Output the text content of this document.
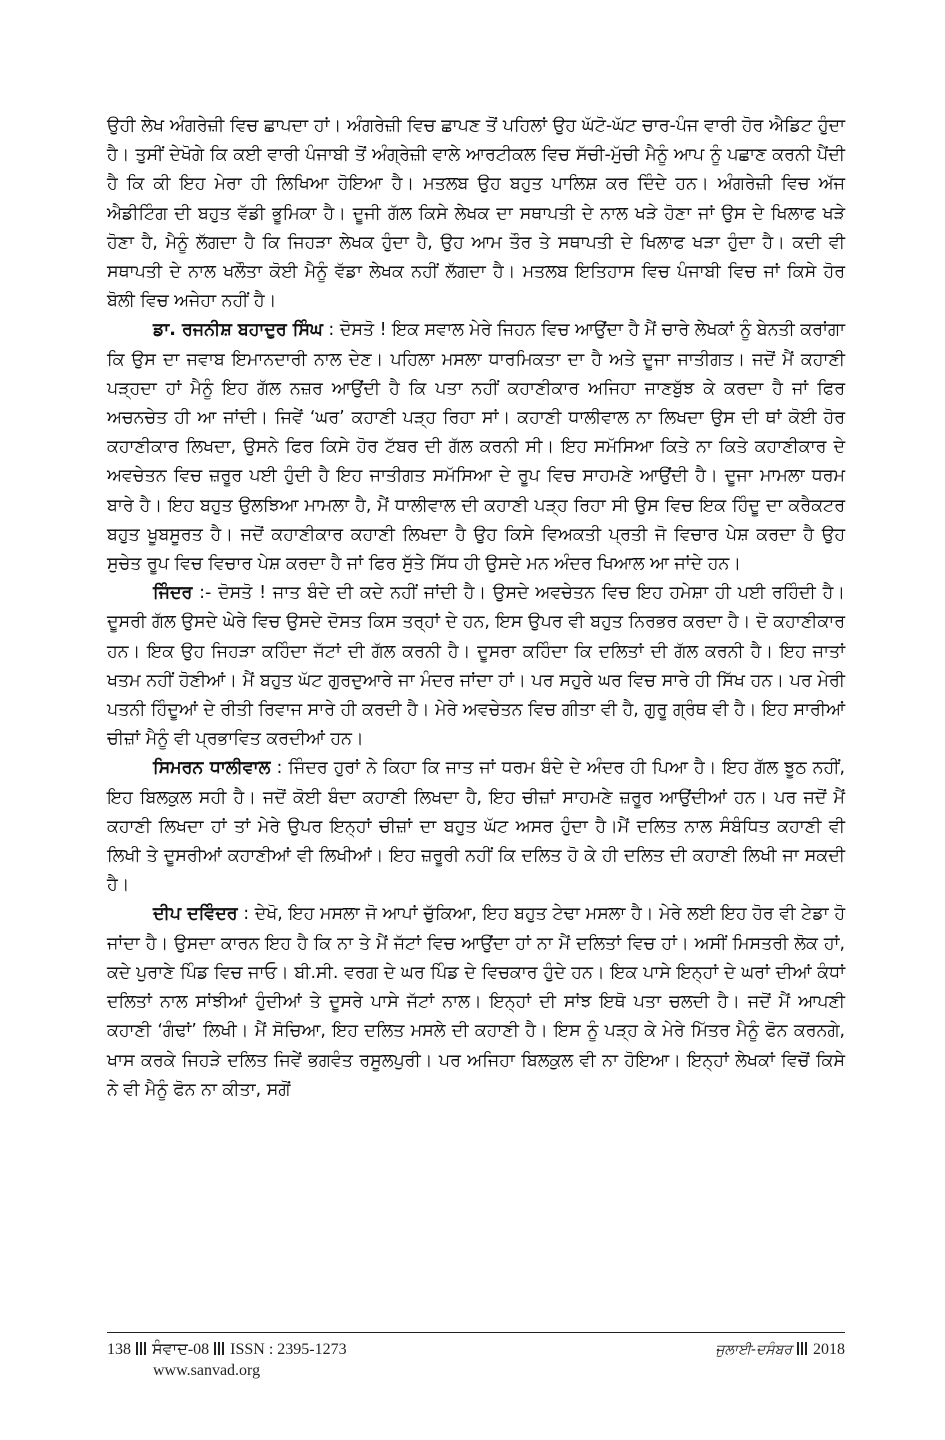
ਉਹੀ ਲੇਖ ਅੰਗਰੇਜ਼ੀ ਵਿਚ ਛਾਪਦਾ ਹਾਂ। ਅੰਗਰੇਜ਼ੀ ਵਿਚ ਛਾਪਣ ਤੋਂ ਪਹਿਲਾਂ ਉਹ ਘੱਟੋ-ਘੱਟ ਚਾਰ-ਪੰਜ ਵਾਰੀ ਹੋਰ ਐਡਿਟ ਹੁੰਦਾ ਹੈ। ਤੁਸੀਂ ਦੇਖੋਗੇ ਕਿ ਕਈ ਵਾਰੀ ਪੰਜਾਬੀ ਤੋਂ ਅੰਗ੍ਰੇਜ਼ੀ ਵਾਲੇ ਆਰਟੀਕਲ ਵਿਚ ਸੱਚੀ-ਮੁੱਚੀ ਮੈਨੂੰ ਆਪ ਨੂੰ ਪਛਾਣ ਕਰਨੀ ਪੈਂਦੀ ਹੈ ਕਿ ਕੀ ਇਹ ਮੇਰਾ ਹੀ ਲਿਖਿਆ ਹੋਇਆ ਹੈ। ਮਤਲਬ ਉਹ ਬਹੁਤ ਪਾਲਿਸ਼ ਕਰ ਦਿੰਦੇ ਹਨ। ਅੰਗਰੇਜ਼ੀ ਵਿਚ ਅੱਜ ਐਡੀਟਿੰਗ ਦੀ ਬਹੁਤ ਵੱਡੀ ਭੂਮਿਕਾ ਹੈ। ਦੂਜੀ ਗੱਲ ਕਿਸੇ ਲੇਖਕ ਦਾ ਸਥਾਪਤੀ ਦੇ ਨਾਲ ਖੜੇ ਹੋਣਾ ਜਾਂ ਉਸ ਦੇ ਖਿਲਾਫ ਖੜੇ ਹੋਣਾ ਹੈ, ਮੈਨੂੰ ਲੱਗਦਾ ਹੈ ਕਿ ਜਿਹੜਾ ਲੇਖਕ ਹੁੰਦਾ ਹੈ, ਉਹ ਆਮ ਤੌਰ ਤੇ ਸਥਾਪਤੀ ਦੇ ਖਿਲਾਫ ਖੜਾ ਹੁੰਦਾ ਹੈ। ਕਦੀ ਵੀ ਸਥਾਪਤੀ ਦੇ ਨਾਲ ਖਲੌਤਾ ਕੋਈ ਮੈਨੂੰ ਵੱਡਾ ਲੇਖਕ ਨਹੀਂ ਲੱਗਦਾ ਹੈ। ਮਤਲਬ ਇਤਿਹਾਸ ਵਿਚ ਪੰਜਾਬੀ ਵਿਚ ਜਾਂ ਕਿਸੇ ਹੋਰ ਬੋਲੀ ਵਿਚ ਅਜੇਹਾ ਨਹੀਂ ਹੈ।

ਡਾ. ਰਜਨੀਸ਼ ਬਹਾਦੁਰ ਸਿੰਘ : ਦੋਸਤੋ ! ਇਕ ਸਵਾਲ ਮੇਰੇ ਜਿਹਨ ਵਿਚ ਆਉਂਦਾ ਹੈ ਮੈਂ ਚਾਰੇ ਲੇਖਕਾਂ ਨੂੰ ਬੇਨਤੀ ਕਰਾਂਗਾ ਕਿ ਉਸ ਦਾ ਜਵਾਬ ਇਮਾਨਦਾਰੀ ਨਾਲ ਦੇਣ। ਪਹਿਲਾ ਮਸਲਾ ਧਾਰਮਿਕਤਾ ਦਾ ਹੈ ਅਤੇ ਦੂਜਾ ਜਾਤੀਗਤ। ਜਦੋਂ ਮੈਂ ਕਹਾਣੀ ਪੜ੍ਹਦਾ ਹਾਂ ਮੈਨੂੰ ਇਹ ਗੱਲ ਨਜ਼ਰ ਆਉਂਦੀ ਹੈ ਕਿ ਪਤਾ ਨਹੀਂ ਕਹਾਣੀਕਾਰ ਅਜਿਹਾ ਜਾਣਬੁੱਝ ਕੇ ਕਰਦਾ ਹੈ ਜਾਂ ਫਿਰ ਅਚਨਚੇਤ ਹੀ ਆ ਜਾਂਦੀ। ਜਿਵੇਂ ‘ਘਰ’ ਕਹਾਣੀ ਪੜ੍ਹ ਰਿਹਾ ਸਾਂ। ਕਹਾਣੀ ਧਾਲੀਵਾਲ ਨਾ ਲਿਖਦਾ ਉਸ ਦੀ ਥਾਂ ਕੋਈ ਹੋਰ ਕਹਾਣੀਕਾਰ ਲਿਖਦਾ, ਉਸਨੇ ਫਿਰ ਕਿਸੇ ਹੋਰ ਟੱਬਰ ਦੀ ਗੱਲ ਕਰਨੀ ਸੀ। ਇਹ ਸਮੱਸਿਆ ਕਿਤੇ ਨਾ ਕਿਤੇ ਕਹਾਣੀਕਾਰ ਦੇ ਅਵਚੇਤਨ ਵਿਚ ਜ਼ਰੂਰ ਪਈ ਹੁੰਦੀ ਹੈ ਇਹ ਜਾਤੀਗਤ ਸਮੱਸਿਆ ਦੇ ਰੂਪ ਵਿਚ ਸਾਹਮਣੇ ਆਉਂਦੀ ਹੈ। ਦੂਜਾ ਮਾਮਲਾ ਧਰਮ ਬਾਰੇ ਹੈ। ਇਹ ਬਹੁਤ ਉਲਝਿਆ ਮਾਮਲਾ ਹੈ, ਮੈਂ ਧਾਲੀਵਾਲ ਦੀ ਕਹਾਣੀ ਪੜ੍ਹ ਰਿਹਾ ਸੀ ਉਸ ਵਿਚ ਇਕ ਹਿੰਦੂ ਦਾ ਕਰੈਕਟਰ ਬਹੁਤ ਖੂਬਸੂਰਤ ਹੈ। ਜਦੋਂ ਕਹਾਣੀਕਾਰ ਕਹਾਣੀ ਲਿਖਦਾ ਹੈ ਉਹ ਕਿਸੇ ਵਿਅਕਤੀ ਪ੍ਰਤੀ ਜੋ ਵਿਚਾਰ ਪੇਸ਼ ਕਰਦਾ ਹੈ ਉਹ ਸੁਚੇਤ ਰੂਪ ਵਿਚ ਵਿਚਾਰ ਪੇਸ਼ ਕਰਦਾ ਹੈ ਜਾਂ ਫਿਰ ਸੁੱਤੇ ਸਿੱਧ ਹੀ ਉਸਦੇ ਮਨ ਅੰਦਰ ਖਿਆਲ ਆ ਜਾਂਦੇ ਹਨ।

ਜਿੰਦਰ :- ਦੋਸਤੋ ! ਜਾਤ ਬੰਦੇ ਦੀ ਕਦੇ ਨਹੀਂ ਜਾਂਦੀ ਹੈ। ਉਸਦੇ ਅਵਚੇਤਨ ਵਿਚ ਇਹ ਹਮੇਸ਼ਾ ਹੀ ਪਈ ਰਹਿੰਦੀ ਹੈ। ਦੂਸਰੀ ਗੱਲ ਉਸਦੇ ਘੇਰੇ ਵਿਚ ਉਸਦੇ ਦੋਸਤ ਕਿਸ ਤਰ੍ਹਾਂ ਦੇ ਹਨ, ਇਸ ਉਪਰ ਵੀ ਬਹੁਤ ਨਿਰਭਰ ਕਰਦਾ ਹੈ। ਦੋ ਕਹਾਣੀਕਾਰ ਹਨ। ਇਕ ਉਹ ਜਿਹੜਾ ਕਹਿੰਦਾ ਜੱਟਾਂ ਦੀ ਗੱਲ ਕਰਨੀ ਹੈ। ਦੂਸਰਾ ਕਹਿੰਦਾ ਕਿ ਦਲਿਤਾਂ ਦੀ ਗੱਲ ਕਰਨੀ ਹੈ। ਇਹ ਜਾਤਾਂ ਖਤਮ ਨਹੀਂ ਹੋਣੀਆਂ। ਮੈਂ ਬਹੁਤ ਘੱਟ ਗੁਰਦੁਆਰੇ ਜਾ ਮੰਦਰ ਜਾਂਦਾ ਹਾਂ। ਪਰ ਸਹੁਰੇ ਘਰ ਵਿਚ ਸਾਰੇ ਹੀ ਸਿੱਖ ਹਨ। ਪਰ ਮੇਰੀ ਪਤਨੀ ਹਿੰਦੂਆਂ ਦੇ ਰੀਤੀ ਰਿਵਾਜ ਸਾਰੇ ਹੀ ਕਰਦੀ ਹੈ। ਮੇਰੇ ਅਵਚੇਤਨ ਵਿਚ ਗੀਤਾ ਵੀ ਹੈ, ਗੁਰੂ ਗ੍ਰੰਥ ਵੀ ਹੈ। ਇਹ ਸਾਰੀਆਂ ਚੀਜ਼ਾਂ ਮੈਨੂੰ ਵੀ ਪ੍ਰਭਾਵਿਤ ਕਰਦੀਆਂ ਹਨ।

ਸਿਮਰਨ ਧਾਲੀਵਾਲ : ਜਿੰਦਰ ਹੁਰਾਂ ਨੇ ਕਿਹਾ ਕਿ ਜਾਤ ਜਾਂ ਧਰਮ ਬੰਦੇ ਦੇ ਅੰਦਰ ਹੀ ਪਿਆ ਹੈ। ਇਹ ਗੱਲ ਝੂਠ ਨਹੀਂ, ਇਹ ਬਿਲਕੁਲ ਸਹੀ ਹੈ। ਜਦੋਂ ਕੋਈ ਬੰਦਾ ਕਹਾਣੀ ਲਿਖਦਾ ਹੈ, ਇਹ ਚੀਜ਼ਾਂ ਸਾਹਮਣੇ ਜ਼ਰੂਰ ਆਉਂਦੀਆਂ ਹਨ। ਪਰ ਜਦੋਂ ਮੈਂ ਕਹਾਣੀ ਲਿਖਦਾ ਹਾਂ ਤਾਂ ਮੇਰੇ ਉਪਰ ਇਨ੍ਹਾਂ ਚੀਜ਼ਾਂ ਦਾ ਬਹੁਤ ਘੱਟ ਅਸਰ ਹੁੰਦਾ ਹੈ।ਮੈਂ ਦਲਿਤ ਨਾਲ ਸੰਬੰਧਿਤ ਕਹਾਣੀ ਵੀ ਲਿਖੀ ਤੇ ਦੂਸਰੀਆਂ ਕਹਾਣੀਆਂ ਵੀ ਲਿਖੀਆਂ। ਇਹ ਜ਼ਰੂਰੀ ਨਹੀਂ ਕਿ ਦਲਿਤ ਹੋ ਕੇ ਹੀ ਦਲਿਤ ਦੀ ਕਹਾਣੀ ਲਿਖੀ ਜਾ ਸਕਦੀ ਹੈ।

ਦੀਪ ਦਵਿੰਦਰ : ਦੇਖੋ, ਇਹ ਮਸਲਾ ਜੋ ਆਪਾਂ ਚੁੱਕਿਆ, ਇਹ ਬਹੁਤ ਟੇਢਾ ਮਸਲਾ ਹੈ। ਮੇਰੇ ਲਈ ਇਹ ਹੋਰ ਵੀ ਟੇਡਾ ਹੋ ਜਾਂਦਾ ਹੈ। ਉਸਦਾ ਕਾਰਨ ਇਹ ਹੈ ਕਿ ਨਾ ਤੇ ਮੈਂ ਜੱਟਾਂ ਵਿਚ ਆਉਂਦਾ ਹਾਂ ਨਾ ਮੈਂ ਦਲਿਤਾਂ ਵਿਚ ਹਾਂ। ਅਸੀਂ ਮਿਸਤਰੀ ਲੋਕ ਹਾਂ, ਕਦੇ ਪੁਰਾਣੇ ਪਿੰਡ ਵਿਚ ਜਾਓ। ਬੀ.ਸੀ. ਵਰਗ ਦੇ ਘਰ ਪਿੰਡ ਦੇ ਵਿਚਕਾਰ ਹੁੰਦੇ ਹਨ। ਇਕ ਪਾਸੇ ਇਨ੍ਹਾਂ ਦੇ ਘਰਾਂ ਦੀਆਂ ਕੰਧਾਂ ਦਲਿਤਾਂ ਨਾਲ ਸਾਂਝੀਆਂ ਹੁੰਦੀਆਂ ਤੇ ਦੂਸਰੇ ਪਾਸੇ ਜੱਟਾਂ ਨਾਲ। ਇਨ੍ਹਾਂ ਦੀ ਸਾਂਝ ਇਥੋ ਪਤਾ ਚਲਦੀ ਹੈ। ਜਦੋਂ ਮੈਂ ਆਪਣੀ ਕਹਾਣੀ ‘ਗੰਢਾਂ’ ਲਿਖੀ। ਮੈਂ ਸੋਚਿਆ, ਇਹ ਦਲਿਤ ਮਸਲੇ ਦੀ ਕਹਾਣੀ ਹੈ। ਇਸ ਨੂੰ ਪੜ੍ਹ ਕੇ ਮੇਰੇ ਮਿੱਤਰ ਮੈਨੂੰ ਫੋਨ ਕਰਨਗੇ, ਖਾਸ ਕਰਕੇ ਜਿਹੜੇ ਦਲਿਤ ਜਿਵੇਂ ਭਗਵੰਤ ਰਸੂਲਪੁਰੀ। ਪਰ ਅਜਿਹਾ ਬਿਲਕੁਲ ਵੀ ਨਾ ਹੋਇਆ। ਇਨ੍ਹਾਂ ਲੇਖਕਾਂ ਵਿਚੋਂ ਕਿਸੇ ਨੇ ਵੀ ਮੈਨੂੰ ਫੋਨ ਨਾ ਕੀਤਾ, ਸਗੋਂ

138 ਸੰਵਾਦ-08 ISSN : 2395-1273
www.sanvad.org
ਜੁਲਾਈ-ਦਸੰਬਰ 2018
